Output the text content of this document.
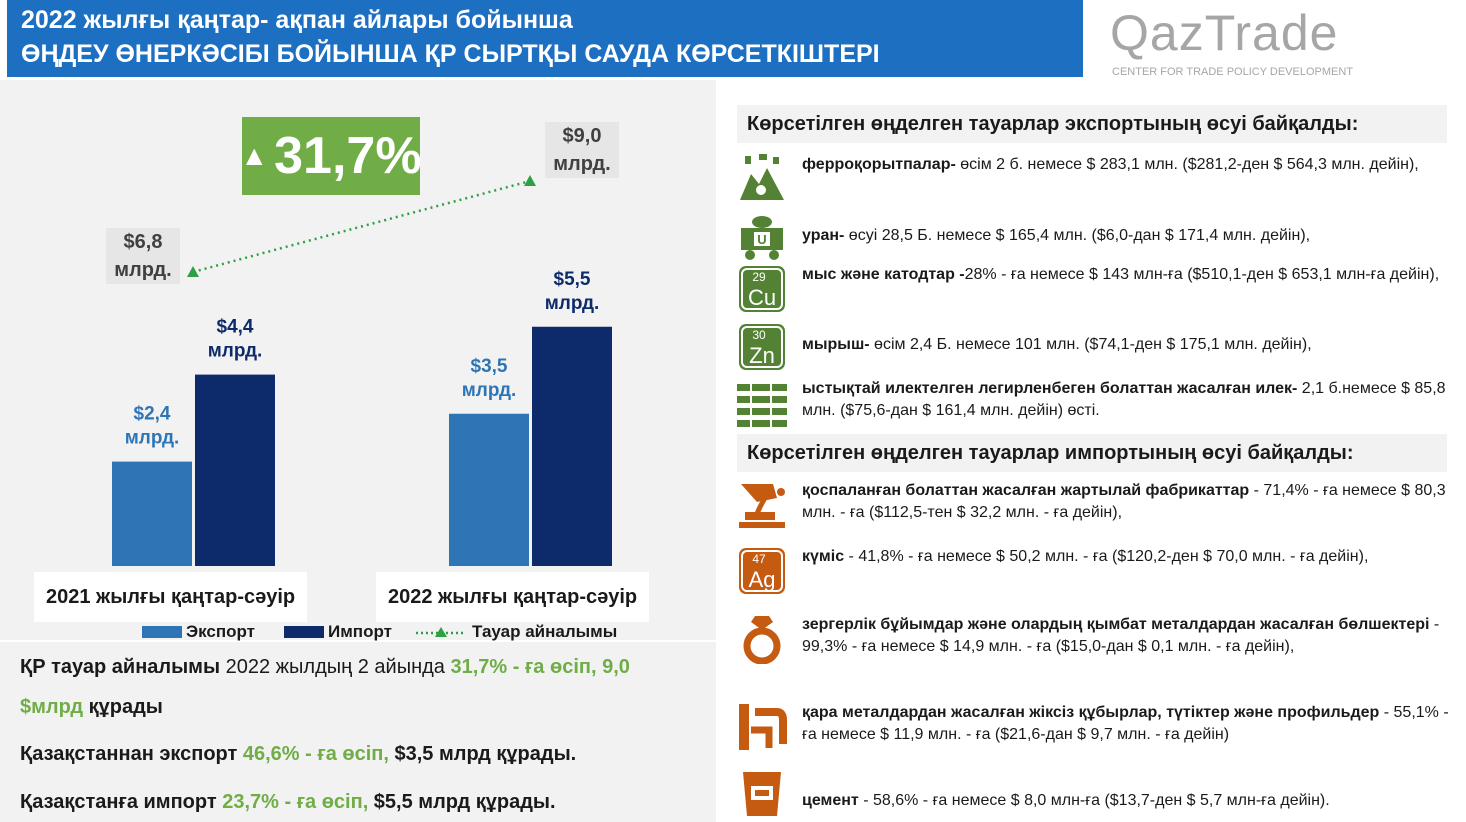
2022 жылғы қаңтар- ақпан айлары бойынша
ӨҢДЕУ ӨНЕРКӘСІБІ БОЙЫНША ҚР СЫРТҚЫ САУДА КӨРСЕТКІШТЕРІ	QazTrade
CENTER FOR TRADE POLICY DEVELOPMENT
$2,4
млрд.
$4,4
млрд.
$3,5
млрд.
$5,5
млрд.
▲ 31,7%
$6,8 млрд.
$9,0 млрд.
2021 жылғы қаңтар-сәуір	2022 жылғы қаңтар-сәуір
Экспорт	Импорт	Тауар айналымы
ҚР тауар айналымы 2022 жылдың 2 айында 31,7% - ға өсіп, 9,0
$млрд құрады
Қазақстаннан экспорт 46,6% - ға өсіп, $3,5 млрд құрады.
Қазақстанға импорт 23,7% - ға өсіп, $5,5 млрд құрады.
Көрсетілген өңделген тауарлар экспортының өсуі байқалды:
ферроқорытпалар- өсім 2 б. немесе $ 283,1 млн. ($281,2-ден $ 564,3 млн. дейін),
U уран- өсуі 28,5 Б. немесе $ 165,4 млн. ($6,0-дан $ 171,4 млн. дейін),
29
Cu
мыс және катодтар -28% - ға немесе $ 143 млн-ға ($510,1-ден $ 653,1 млн-ға дейін),
30
Zn мырыш- өсім 2,4 Б. немесе 101 млн. ($74,1-ден $ 175,1 млн. дейін),
ыстықтай илектелген легирленбеген болаттан жасалған илек- 2,1 б.немесе $ 85,8 млн. ($75,6-дан $ 161,4 млн. дейін) өсті.
Көрсетілген өңделген тауарлар импортының өсуі байқалды:
қоспаланған болаттан жасалған жартылай фабрикаттар - 71,4% - ға немесе $ 80,3 млн. - ға ($112,5-тен $ 32,2 млн. - ға дейін),
47
Ag
күміс - 41,8% - ға немесе $ 50,2 млн. - ға ($120,2-ден $ 70,0 млн. - ға дейін),
зергерлік бұйымдар және олардың қымбат металдардан жасалған бөлшектері - 99,3% - ға немесе $ 14,9 млн. - ға ($15,0-дан $ 0,1 млн. - ға дейін),
қара металдардан жасалған жіксіз құбырлар, түтіктер және профильдер - 55,1% - ға немесе $ 11,9 млн. - ға ($21,6-дан $ 9,7 млн. - ға дейін)
цемент - 58,6% - ға немесе $ 8,0 млн-ға ($13,7-ден $ 5,7 млн-ға дейін).
